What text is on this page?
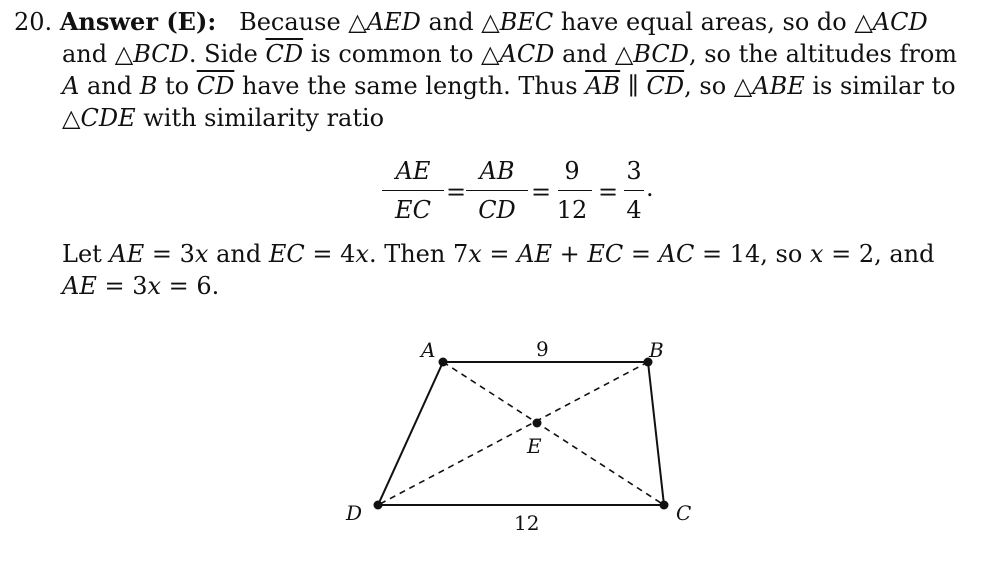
20. Answer (E):   Because △AED and △BEC have equal areas, so do △ACD
and △BCD. Side $\overline{CD}$ is common to △ACD and △BCD, so the altitudes from
A and B to $\overline{CD}$ have the same length. Thus $\overline{AB}$ ∥ $\overline{CD}$, so △ABE is similar to
△CDE with similarity ratio
AE
EC
=
AB
CD
=
9
12
=
3
4
.
Let AE = 3x and EC = 4x. Then 7x = AE + EC = AC = 14, so x = 2, and
AE = 3x = 6.
A	B
C
D
E
9
12
